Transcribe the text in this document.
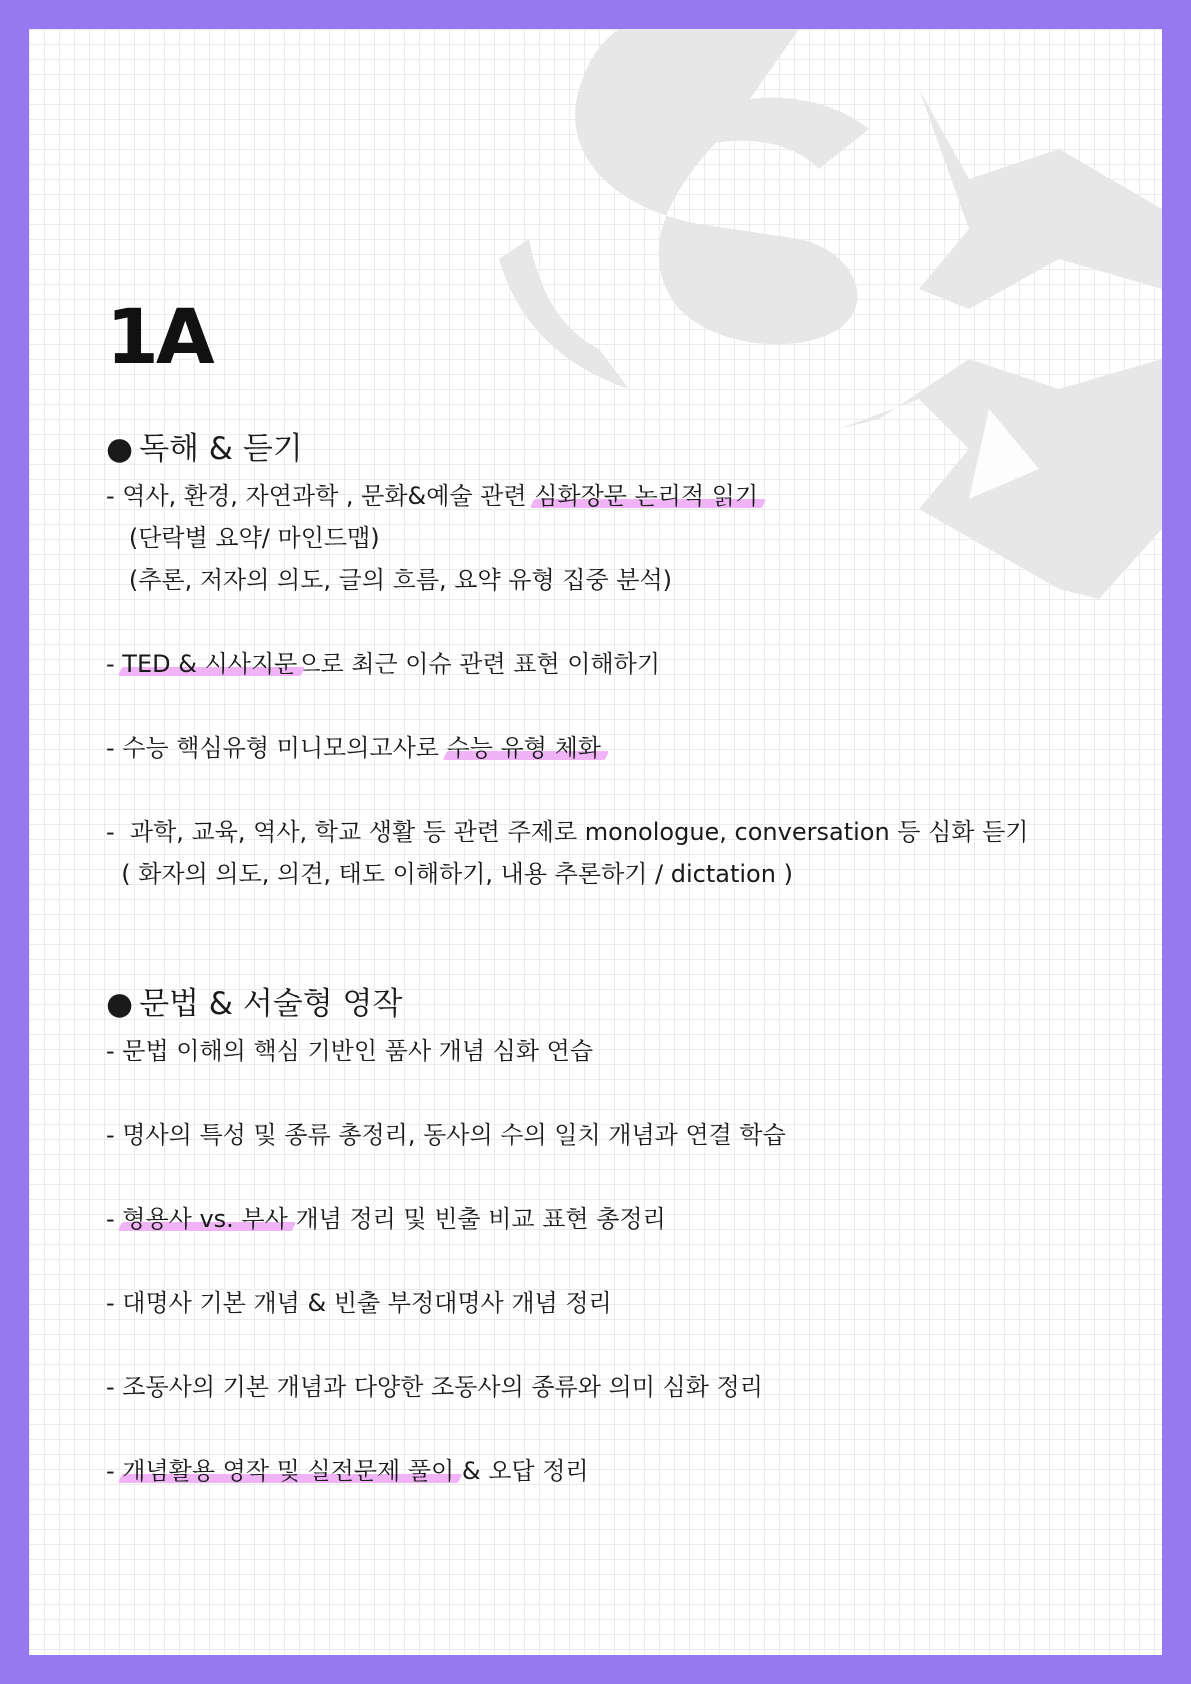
1A
● 독해 & 듣기
- 역사, 환경, 자연과학 , 문화&예술 관련 심화장문 논리적 읽기
(단락별 요약/ 마인드맵)
(추론, 저자의 의도, 글의 흐름, 요약 유형 집중 분석)
- TED & 시사지문으로 최근 이슈 관련 표현 이해하기
- 수능 핵심유형 미니모의고사로 수능 유형 체화
-  과학, 교육, 역사, 학교 생활 등 관련 주제로 monologue, conversation 등 심화 듣기
( 화자의 의도, 의견, 태도 이해하기, 내용 추론하기 / dictation )
● 문법 & 서술형 영작
- 문법 이해의 핵심 기반인 품사 개념 심화 연습
- 명사의 특성 및 종류 총정리, 동사의 수의 일치 개념과 연결 학습
- 형용사 vs. 부사 개념 정리 및 빈출 비교 표현 총정리
- 대명사 기본 개념 & 빈출 부정대명사 개념 정리
- 조동사의 기본 개념과 다양한 조동사의 종류와 의미 심화 정리
- 개념활용 영작 및 실전문제 풀이 & 오답 정리
